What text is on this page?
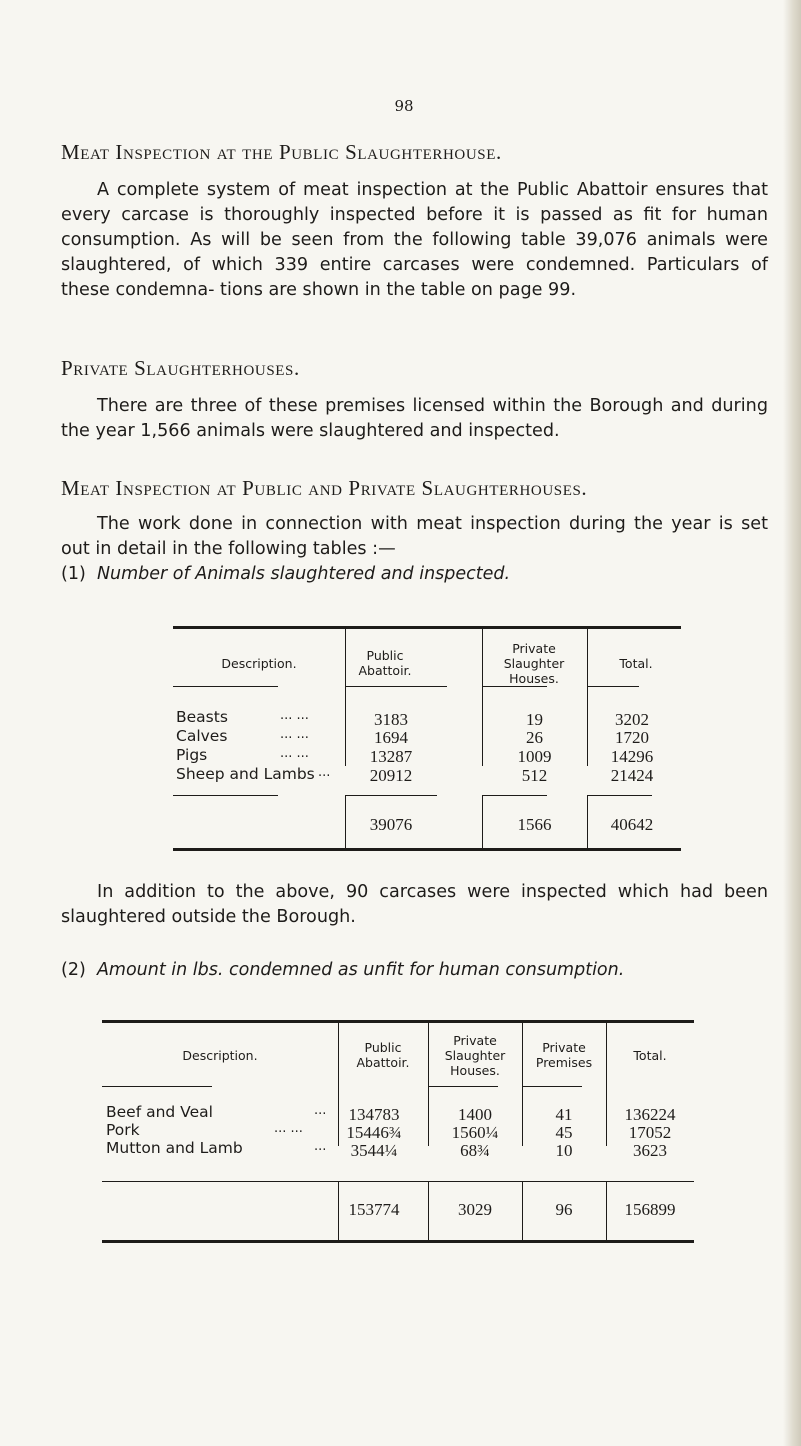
98
Meat Inspection at the Public Slaughterhouse.
A complete system of meat inspection at the Public Abattoir ensures that every carcase is thoroughly inspected before it is passed as fit for human consumption. As will be seen from the following table 39,076 animals were slaughtered, of which 339 entire carcases were condemned. Particulars of these condemna- tions are shown in the table on page 99.
Private Slaughterhouses.
There are three of these premises licensed within the Borough and during the year 1,566 animals were slaughtered and inspected.
Meat Inspection at Public and Private Slaughterhouses.
The work done in connection with meat inspection during the year is set out in detail in the following tables :—
(1) Number of Animals slaughtered and inspected.
Description.
Public Abattoir.
Private Slaughter Houses.
Total.
Beasts	... ...	3183	19	3202
Calves	... ...	1694	26	1720
Pigs	... ...	13287	1009	14296
Sheep and Lambs ...	20912	512	21424
39076	1566	40642
In addition to the above, 90 carcases were inspected which had been slaughtered outside the Borough.
(2) Amount in lbs. condemned as unfit for human consumption.
Description.
Public Abattoir.
Private Slaughter Houses.
Private Premises	Total.
Beef and Veal	...	134783	1400	41	136224
Pork	... ...	15446¾	1560¼	45	17052
Mutton and Lamb	...	3544¼	68¾	10	3623
153774	3029	96	156899
